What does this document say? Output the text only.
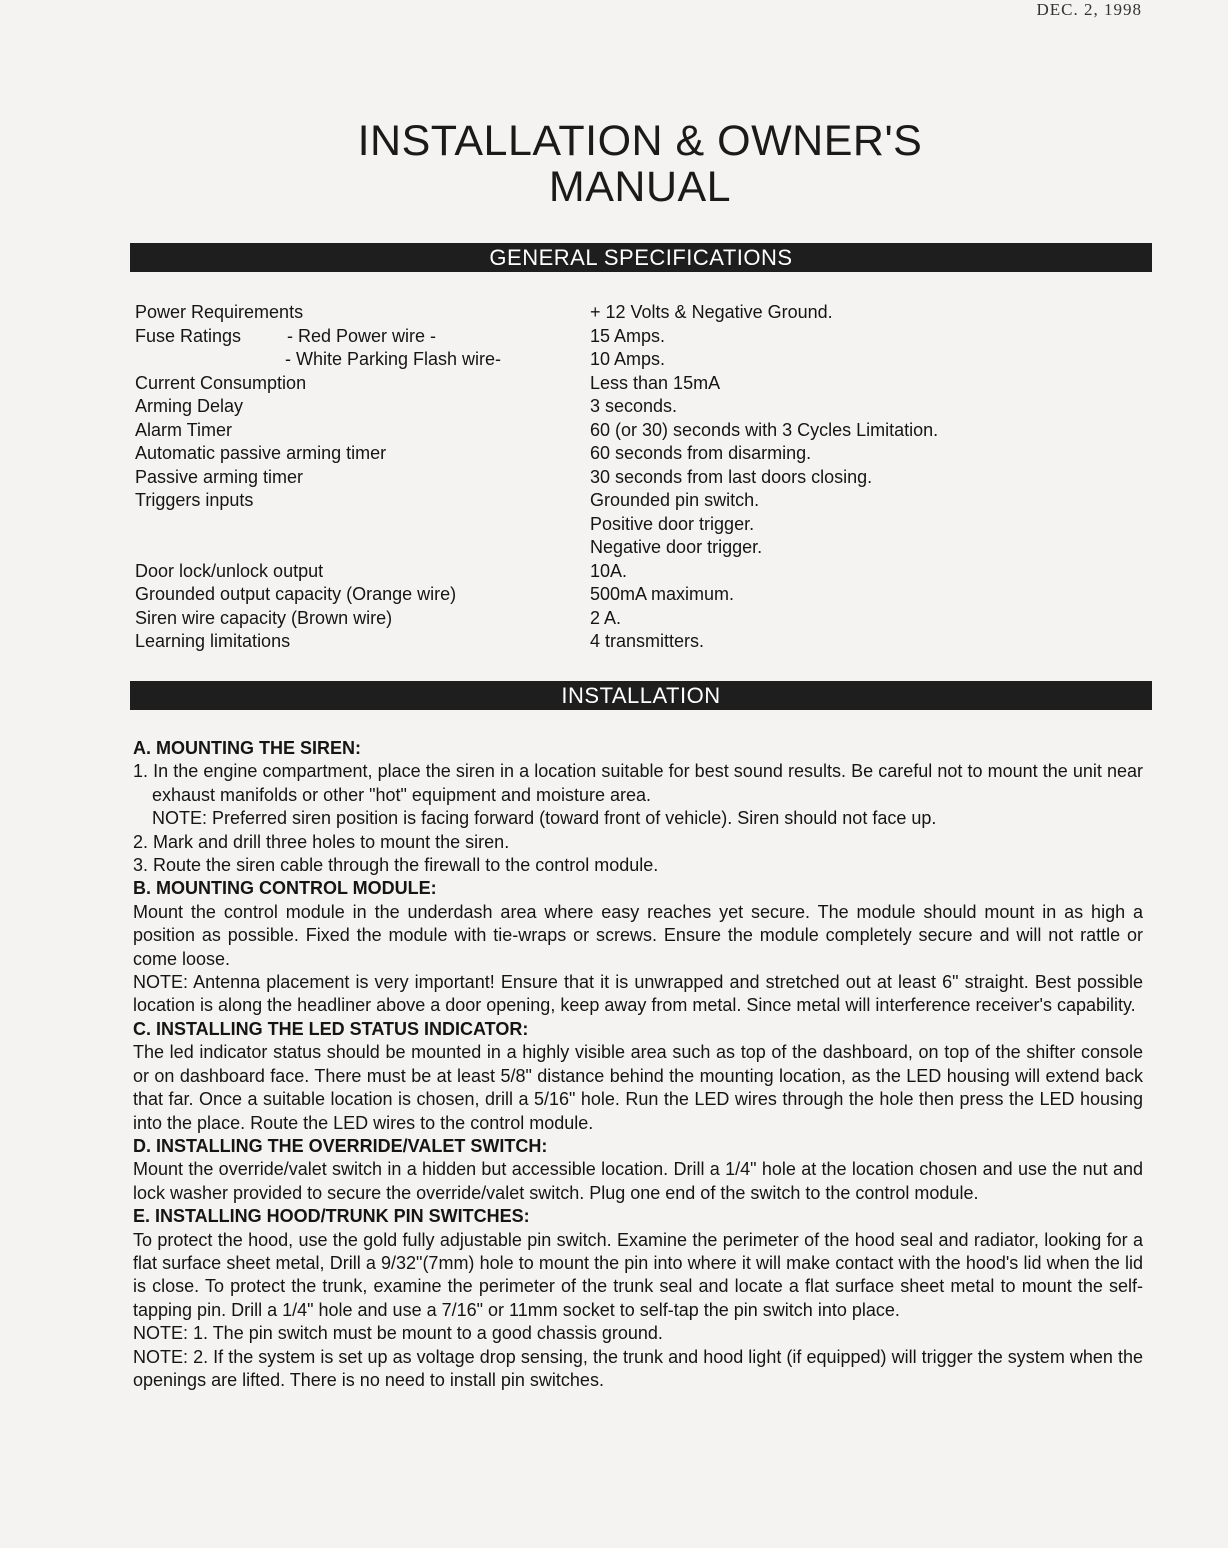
DEC. 2, 1998
INSTALLATION & OWNER'S
MANUAL
GENERAL SPECIFICATIONS
Power Requirements	+ 12 Volts & Negative Ground.
Fuse Ratings	- Red Power wire -	15 Amps.
- White Parking Flash wire-	10 Amps.
Current Consumption	Less than 15mA
Arming Delay	3 seconds.
Alarm Timer	60 (or 30) seconds with 3 Cycles Limitation.
Automatic passive arming timer	60 seconds from disarming.
Passive arming timer	30 seconds from last doors closing.
Triggers inputs	Grounded pin switch.
Positive door trigger.
Negative door trigger.
Door lock/unlock output	10A.
Grounded output capacity (Orange wire)	500mA maximum.
Siren wire capacity (Brown wire)	2 A.
Learning limitations	4 transmitters.
INSTALLATION

A. MOUNTING THE SIREN:

1. In the engine compartment, place the siren in a location suitable for best sound results. Be careful not to mount the unit near exhaust manifolds or other "hot" equipment and moisture area.

NOTE: Preferred siren position is facing forward (toward front of vehicle). Siren should not face up.

2. Mark and drill three holes to mount the siren.

3. Route the siren cable through the firewall to the control module.

B. MOUNTING CONTROL MODULE:

Mount the control module in the underdash area where easy reaches yet secure. The module should mount in as high a position as possible. Fixed the module with tie-wraps or screws. Ensure the module completely secure and will not rattle or come loose.

NOTE: Antenna placement is very important! Ensure that it is unwrapped and stretched out at least 6" straight. Best possible location is along the headliner above a door opening, keep away from metal. Since metal will interference receiver's capability.

C. INSTALLING THE LED STATUS INDICATOR:

The led indicator status should be mounted in a highly visible area such as top of the dashboard, on top of the shifter console or on dashboard face. There must be at least 5/8" distance behind the mounting location, as the LED housing will extend back that far. Once a suitable location is chosen, drill a 5/16" hole. Run the LED wires through the hole then press the LED housing into the place. Route the LED wires to the control module.

D. INSTALLING THE OVERRIDE/VALET SWITCH:

Mount the override/valet switch in a hidden but accessible location. Drill a 1/4" hole at the location chosen and use the nut and lock washer provided to secure the override/valet switch. Plug one end of the switch to the control module.

E. INSTALLING HOOD/TRUNK PIN SWITCHES:

To protect the hood, use the gold fully adjustable pin switch. Examine the perimeter of the hood seal and radiator, looking for a flat surface sheet metal, Drill a 9/32"(7mm) hole to mount the pin into where it will make contact with the hood's lid when the lid is close. To protect the trunk, examine the perimeter of the trunk seal and locate a flat surface sheet metal to mount the self-tapping pin. Drill a 1/4" hole and use a 7/16" or 11mm socket to self-tap the pin switch into place.

NOTE: 1. The pin switch must be mount to a good chassis ground.

NOTE: 2. If the system is set up as voltage drop sensing, the trunk and hood light (if equipped) will trigger the system when the openings are lifted. There is no need to install pin switches.
